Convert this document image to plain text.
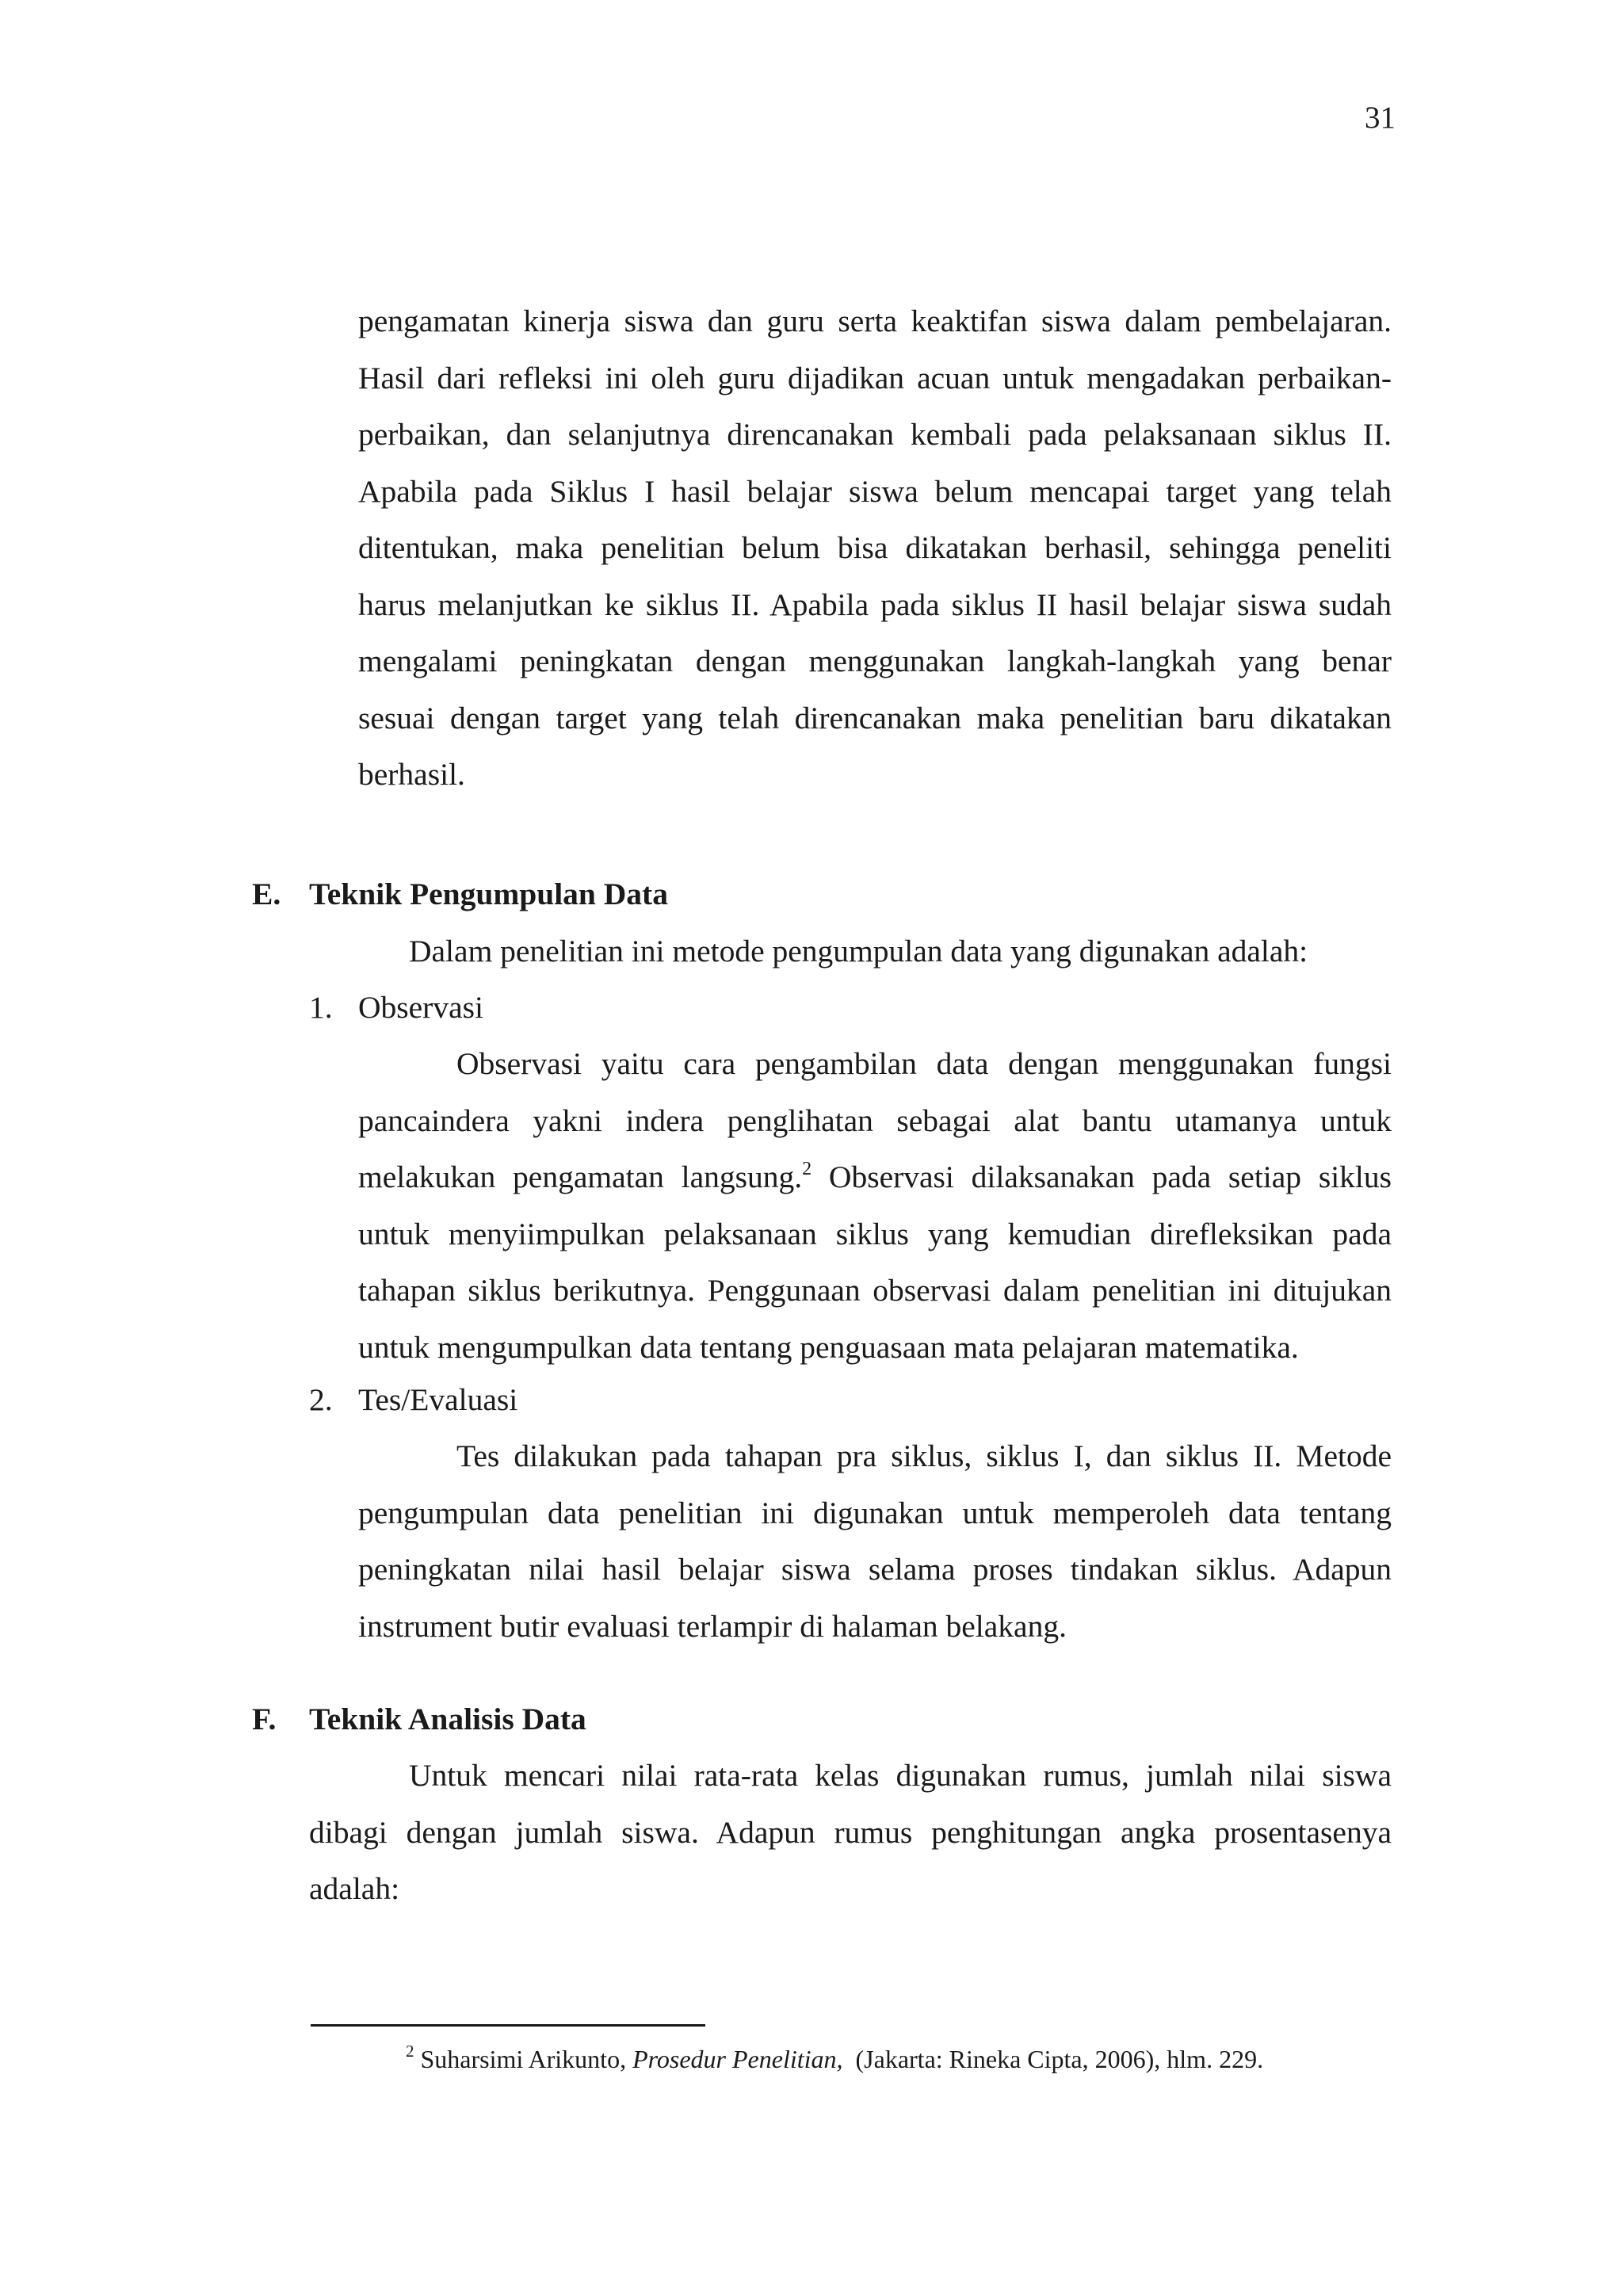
31
pengamatan kinerja siswa dan guru serta keaktifan siswa dalam pembelajaran.
Hasil dari refleksi ini oleh guru dijadikan acuan untuk mengadakan perbaikan-
perbaikan, dan selanjutnya direncanakan kembali pada pelaksanaan siklus II.
Apabila pada Siklus I hasil belajar siswa belum mencapai target yang telah
ditentukan, maka penelitian belum bisa dikatakan berhasil, sehingga peneliti
harus melanjutkan ke siklus II. Apabila pada siklus II hasil belajar siswa sudah
mengalami peningkatan dengan menggunakan langkah-langkah yang benar
sesuai dengan target yang telah direncanakan maka penelitian baru dikatakan
berhasil.
E. Teknik Pengumpulan Data
Dalam penelitian ini metode pengumpulan data yang digunakan adalah:
1. Observasi
Observasi yaitu cara pengambilan data dengan menggunakan fungsi
pancaindera yakni indera penglihatan sebagai alat bantu utamanya untuk
melakukan pengamatan langsung.$^2$ Observasi dilaksanakan pada setiap siklus
untuk menyiimpulkan pelaksanaan siklus yang kemudian direfleksikan pada
tahapan siklus berikutnya. Penggunaan observasi dalam penelitian ini ditujukan
untuk mengumpulkan data tentang penguasaan mata pelajaran matematika.
2. Tes/Evaluasi
Tes dilakukan pada tahapan pra siklus, siklus I, dan siklus II. Metode
pengumpulan data penelitian ini digunakan untuk memperoleh data tentang
peningkatan nilai hasil belajar siswa selama proses tindakan siklus. Adapun
instrument butir evaluasi terlampir di halaman belakang.
F. Teknik Analisis Data
Untuk mencari nilai rata-rata kelas digunakan rumus, jumlah nilai siswa
dibagi dengan jumlah siswa. Adapun rumus penghitungan angka prosentasenya
adalah:
$^2$ Suharsimi Arikunto, Prosedur Penelitian,  (Jakarta: Rineka Cipta, 2006), hlm. 229.
